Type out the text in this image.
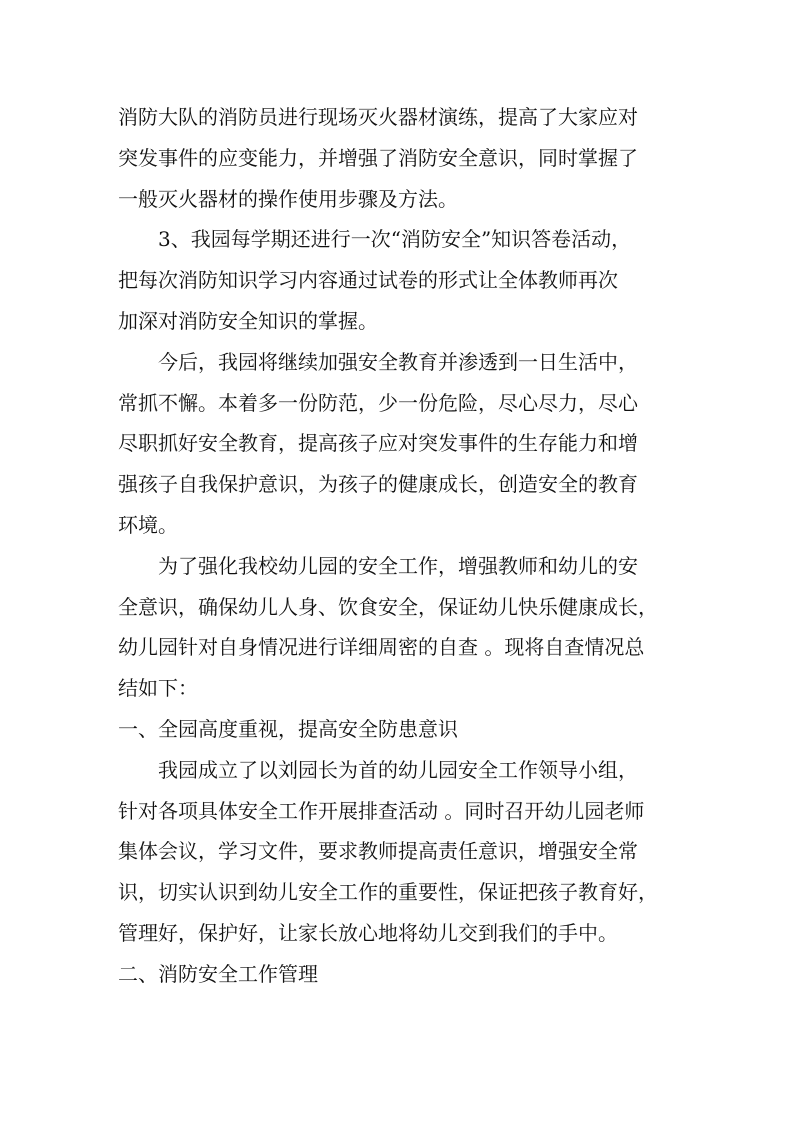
消防大队的消防员进行现场灭火器材演练，提高了大家应对
突发事件的应变能力，并增强了消防安全意识，同时掌握了
一般灭火器材的操作使用步骤及方法。
3、我园每学期还进行一次“消防安全”知识答卷活动，
把每次消防知识学习内容通过试卷的形式让全体教师再次
加深对消防安全知识的掌握。
今后，我园将继续加强安全教育并渗透到一日生活中，
常抓不懈。本着多一份防范，少一份危险，尽心尽力，尽心
尽职抓好安全教育，提高孩子应对突发事件的生存能力和增
强孩子自我保护意识，为孩子的健康成长，创造安全的教育
环境。
为了强化我校幼儿园的安全工作，增强教师和幼儿的安
全意识，确保幼儿人身、饮食安全，保证幼儿快乐健康成长，
幼儿园针对自身情况进行详细周密的自查 。现将自查情况总
结如下：
一、全园高度重视，提高安全防患意识
我园成立了以刘园长为首的幼儿园安全工作领导小组，
针对各项具体安全工作开展排查活动 。同时召开幼儿园老师
集体会议，学习文件，要求教师提高责任意识，增强安全常
识，切实认识到幼儿安全工作的重要性，保证把孩子教育好，
管理好，保护好，让家长放心地将幼儿交到我们的手中。
二、消防安全工作管理
